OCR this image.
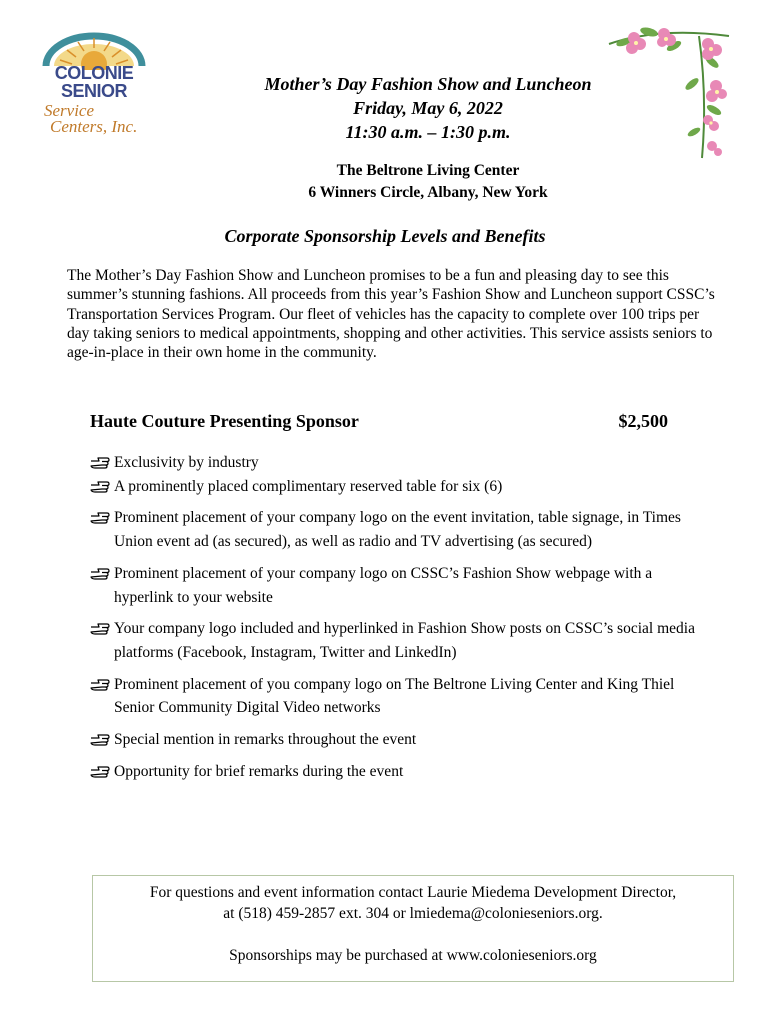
COLONIE
SENIOR
Service
Centers, Inc.
Mother’s Day Fashion Show and Luncheon
Friday, May 6, 2022
11:30 a.m. – 1:30 p.m.
The Beltrone Living Center
6 Winners Circle, Albany, New York
Corporate Sponsorship Levels and Benefits
The Mother’s Day Fashion Show and Luncheon promises to be a fun and pleasing day to see this summer’s stunning fashions. All proceeds from this year’s Fashion Show and Luncheon support CSSC’s Transportation Services Program. Our fleet of vehicles has the capacity to complete over 100 trips per day taking seniors to medical appointments, shopping and other activities. This service assists seniors to age-in-place in their own home in the community.
Haute Couture Presenting Sponsor	$2,500
Exclusivity by industry
A prominently placed complimentary reserved table for six (6)
Prominent placement of your company logo on the event invitation, table signage, in Times Union event ad (as secured), as well as radio and TV advertising (as secured)
Prominent placement of your company logo on CSSC’s Fashion Show webpage with a hyperlink to your website
Your company logo included and hyperlinked in Fashion Show posts on CSSC’s social media platforms (Facebook, Instagram, Twitter and LinkedIn)
Prominent placement of you company logo on The Beltrone Living Center and King Thiel Senior Community Digital Video networks
Special mention in remarks throughout the event
Opportunity for brief remarks during the event
For questions and event information contact Laurie Miedema Development Director,
at (518) 459-2857 ext. 304 or lmiedema@colonieseniors.org.
Sponsorships may be purchased at www.colonieseniors.org
